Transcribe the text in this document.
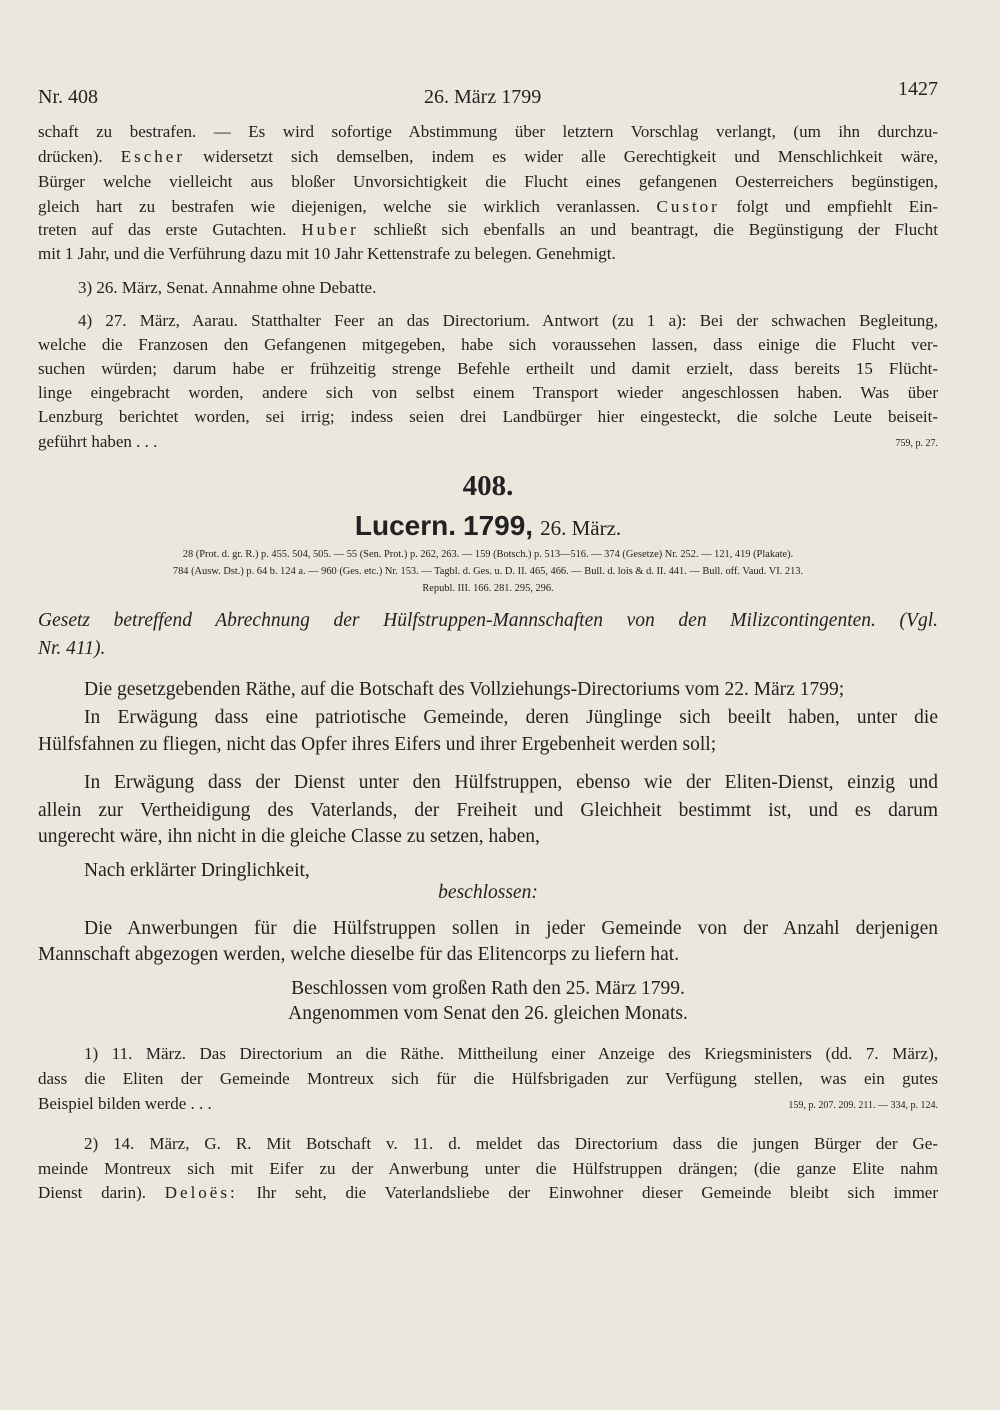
Nr. 408	26. März 1799	1427
schaft zu bestrafen. — Es wird sofortige Abstimmung über letztern Vorschlag verlangt, (um ihn durchzu-
drücken). Escher widersetzt sich demselben, indem es wider alle Gerechtigkeit und Menschlichkeit wäre,
Bürger welche vielleicht aus bloßer Unvorsichtigkeit die Flucht eines gefangenen Oesterreichers begünstigen,
gleich hart zu bestrafen wie diejenigen, welche sie wirklich veranlassen. Custor folgt und empfiehlt Ein-
treten auf das erste Gutachten. Huber schließt sich ebenfalls an und beantragt, die Begünstigung der Flucht
mit 1 Jahr, und die Verführung dazu mit 10 Jahr Kettenstrafe zu belegen. Genehmigt.
3) 26. März, Senat. Annahme ohne Debatte.
4) 27. März, Aarau. Statthalter Feer an das Directorium. Antwort (zu 1 a): Bei der schwachen Begleitung,
welche die Franzosen den Gefangenen mitgegeben, habe sich voraussehen lassen, dass einige die Flucht ver-
suchen würden; darum habe er frühzeitig strenge Befehle ertheilt und damit erzielt, dass bereits 15 Flücht-
linge eingebracht worden, andere sich von selbst einem Transport wieder angeschlossen haben. Was über
Lenzburg berichtet worden, sei irrig; indess seien drei Landbürger hier eingesteckt, die solche Leute beiseit-
geführt haben . . .	759, p. 27.
408.
Lucern. 1799, 26. März.
28 (Prot. d. gr. R.) p. 455. 504, 505. — 55 (Sen. Prot.) p. 262, 263. — 159 (Botsch.) p. 513—516. — 374 (Gesetze) Nr. 252. — 121, 419 (Plakate).
784 (Ausw. Dst.) p. 64 b. 124 a. — 960 (Ges. etc.) Nr. 153. — Tagbl. d. Ges. u. D. II. 465, 466. — Bull. d. lois & d. II. 441. — Bull. off. Vaud. VI. 213.
Republ. III. 166. 281. 295, 296.
Gesetz betreffend Abrechnung der Hülfstruppen-Mannschaften von den Milizcontingenten. (Vgl.
Nr. 411).
Die gesetzgebenden Räthe, auf die Botschaft des Vollziehungs-Directoriums vom 22. März 1799;
In Erwägung dass eine patriotische Gemeinde, deren Jünglinge sich beeilt haben, unter die
Hülfsfahnen zu fliegen, nicht das Opfer ihres Eifers und ihrer Ergebenheit werden soll;
In Erwägung dass der Dienst unter den Hülfstruppen, ebenso wie der Eliten-Dienst, einzig und
allein zur Vertheidigung des Vaterlands, der Freiheit und Gleichheit bestimmt ist, und es darum
ungerecht wäre, ihn nicht in die gleiche Classe zu setzen, haben,
Nach erklärter Dringlichkeit,
beschlossen:
Die Anwerbungen für die Hülfstruppen sollen in jeder Gemeinde von der Anzahl derjenigen
Mannschaft abgezogen werden, welche dieselbe für das Elitencorps zu liefern hat.
Beschlossen vom großen Rath den 25. März 1799.
Angenommen vom Senat den 26. gleichen Monats.
1) 11. März. Das Directorium an die Räthe. Mittheilung einer Anzeige des Kriegsministers (dd. 7. März),
dass die Eliten der Gemeinde Montreux sich für die Hülfsbrigaden zur Verfügung stellen, was ein gutes
Beispiel bilden werde . . .	159, p. 207. 209. 211. — 334, p. 124.
2) 14. März, G. R. Mit Botschaft v. 11. d. meldet das Directorium dass die jungen Bürger der Ge-
meinde Montreux sich mit Eifer zu der Anwerbung unter die Hülfstruppen drängen; (die ganze Elite nahm
Dienst darin). Deloës: Ihr seht, die Vaterlandsliebe der Einwohner dieser Gemeinde bleibt sich immer
